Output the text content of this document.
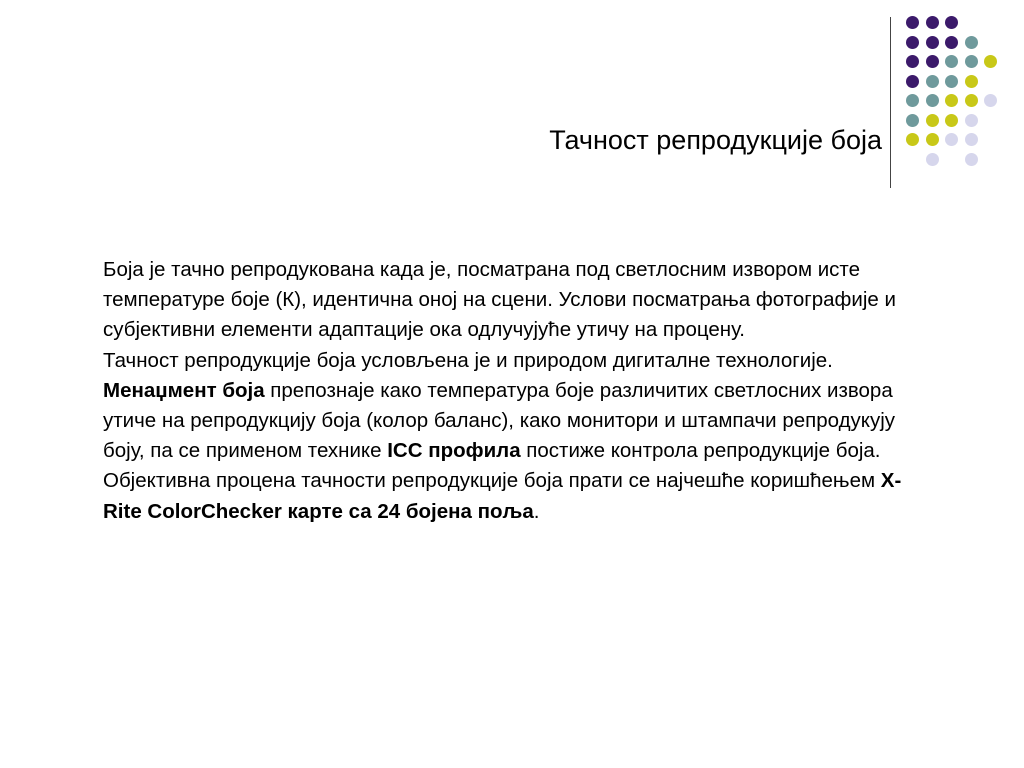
Тачност репродукције боја

Боја је тачно репродукована када је, посматрана под светлосним извором исте температуре боје (К), идентична оној на сцени. Услови посматрања фотографије и субјективни елементи адаптације ока одлучујуће утичу на процену.

Тачност репродукције боја условљена је и природом дигиталне технологије.

Менаџмент боја препознаје како температура боје различитих светлосних извора утиче на репродукцију боја (колор баланс), како монитори и штампачи репродукују боју, па се применом технике ICC профила постиже контрола репродукције боја.

Објективна процена тачности репродукције боја прати се најчешће коришћењем X- Rite ColorChecker карте са 24 бојена поља.
